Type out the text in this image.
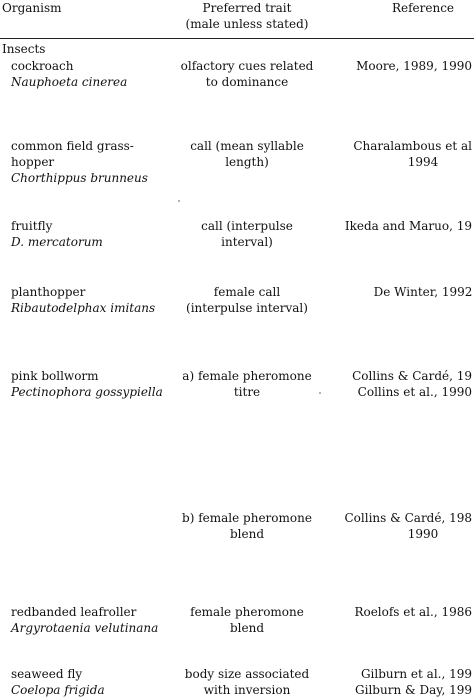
Organism	Preferred trait
(male unless stated)
Reference
Insects
cockroach
Nauphoeta cinerea
olfactory cues related
to dominance
Moore, 1989, 1990
common field grass-
hopper
Chorthippus brunneus
call (mean syllable
length)
Charalambous et al
1994
fruitfly
D. mercatorum
call (interpulse
interval)
Ikeda and Maruo, 19
planthopper
Ribautodelphax imitans
female call
(interpulse interval)
De Winter, 1992
pink bollworm
Pectinophora gossypiella
a) female pheromone
titre
Collins & Cardé, 19
Collins et al., 1990
b) female pheromone
blend
Collins & Cardé, 198
1990
redbanded leafroller
Argyrotaenia velutinana
female pheromone
blend
Roelofs et al., 1986
seaweed fly
Coelopa frigida
body size associated
with inversion
Gilburn et al., 199
Gilburn & Day, 199
